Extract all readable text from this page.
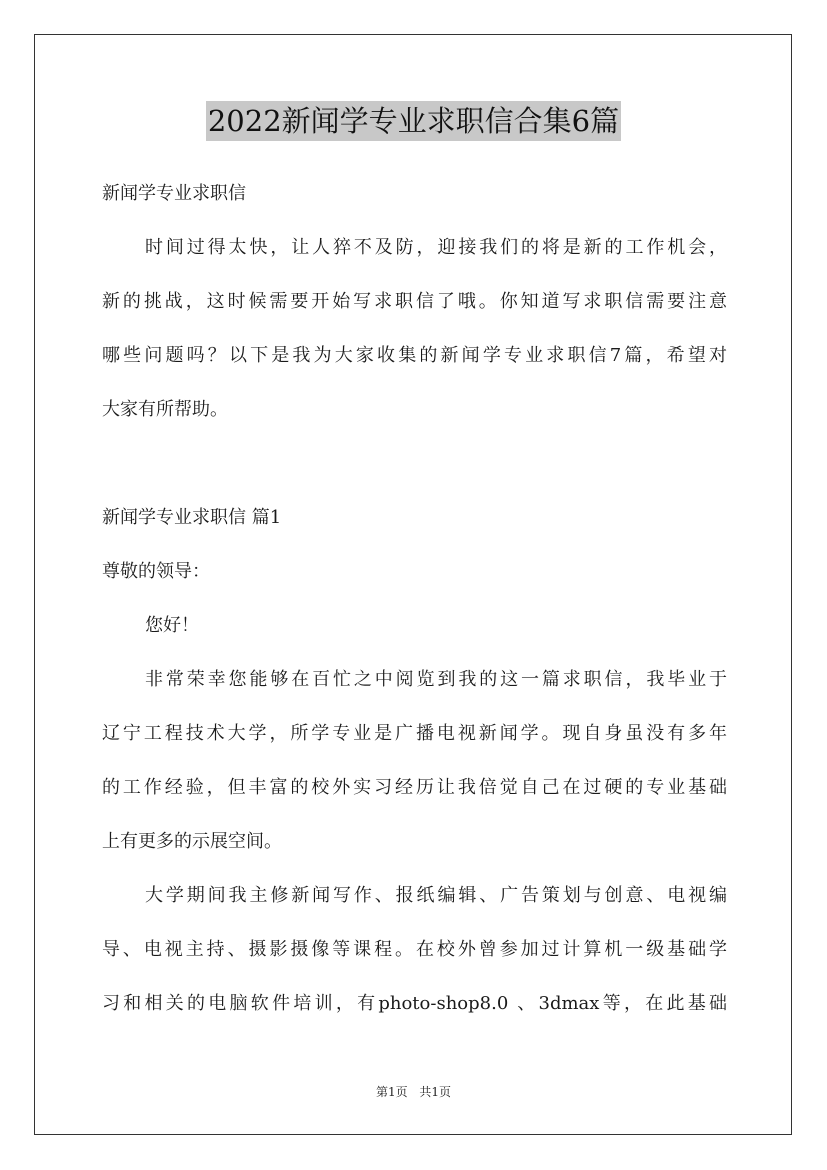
2022新闻学专业求职信合集6篇
新闻学专业求职信
时间过得太快，让人猝不及防，迎接我们的将是新的工作机会，
新的挑战，这时候需要开始写求职信了哦。你知道写求职信需要注意
哪些问题吗？以下是我为大家收集的新闻学专业求职信7篇，希望对
大家有所帮助。
新闻学专业求职信 篇1
尊敬的领导：
您好！
非常荣幸您能够在百忙之中阅览到我的这一篇求职信，我毕业于
辽宁工程技术大学，所学专业是广播电视新闻学。现自身虽没有多年
的工作经验，但丰富的校外实习经历让我倍觉自己在过硬的专业基础
上有更多的示展空间。
大学期间我主修新闻写作、报纸编辑、广告策划与创意、电视编
导、电视主持、摄影摄像等课程。在校外曾参加过计算机一级基础学
习和相关的电脑软件培训，有photo-shop8.0 、3dmax等，在此基础
第1页 共1页
